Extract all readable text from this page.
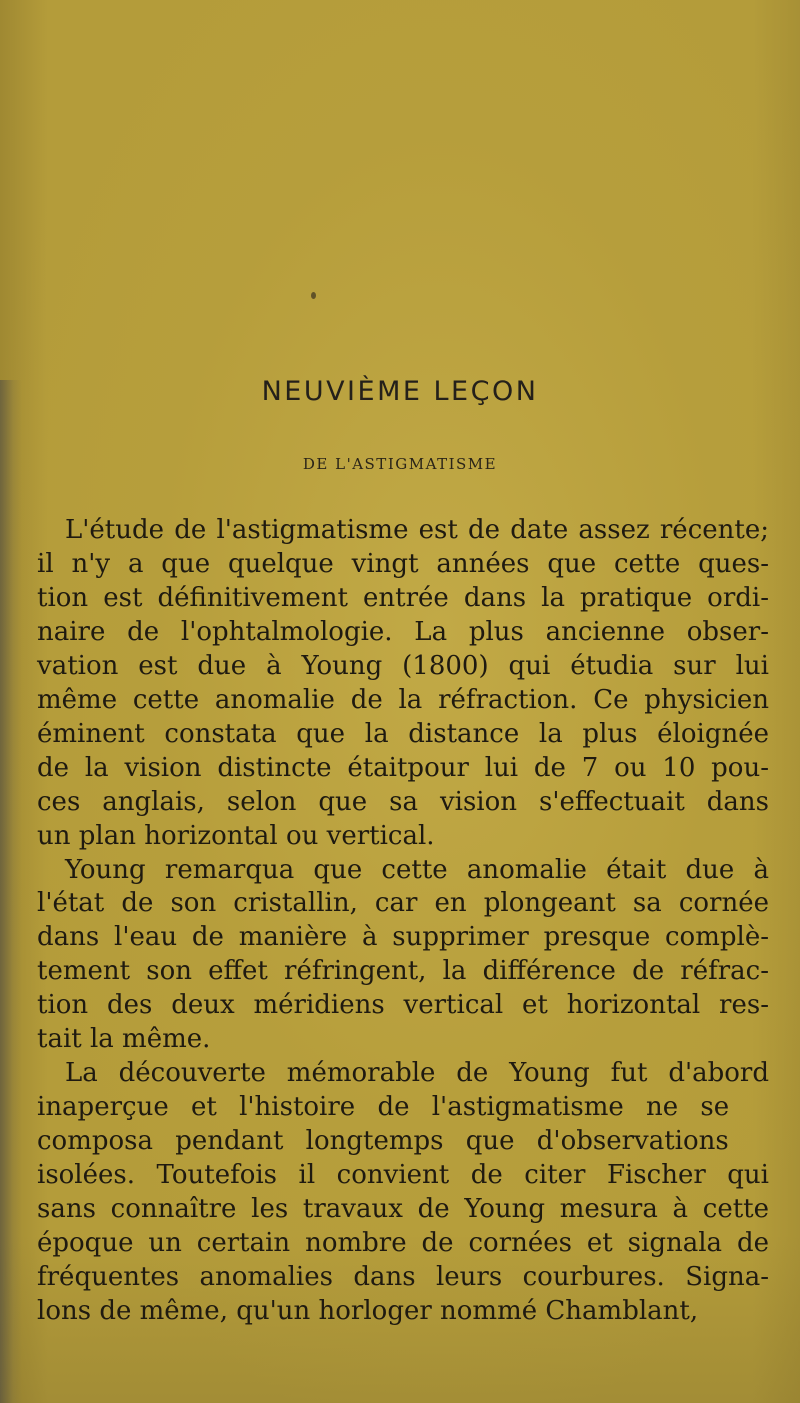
NEUVIÈME LEÇON
DE L'ASTIGMATISME
L'étude de l'astigmatisme est de date assez récente;
il n'y a que quelque vingt années que cette ques-
tion est définitivement entrée dans la pratique ordi-
naire de l'ophtalmologie. La plus ancienne obser-
vation est due à Young (1800) qui étudia sur lui
même cette anomalie de la réfraction. Ce physicien
éminent constata que la distance la plus éloignée
de la vision distincte étaitpour lui de 7 ou 10 pou-
ces anglais, selon que sa vision s'effectuait dans
un plan horizontal ou vertical.
Young remarqua que cette anomalie était due à
l'état de son cristallin, car en plongeant sa cornée
dans l'eau de manière à supprimer presque complè-
tement son effet réfringent, la différence de réfrac-
tion des deux méridiens vertical et horizontal res-
tait la même.
La découverte mémorable de Young fut d'abord
inaperçue et l'histoire de l'astigmatisme ne se
composa pendant longtemps que d'observations
isolées. Toutefois il convient de citer Fischer qui
sans connaître les travaux de Young mesura à cette
époque un certain nombre de cornées et signala de
fréquentes anomalies dans leurs courbures. Signa-
lons de même, qu'un horloger nommé Chamblant,
